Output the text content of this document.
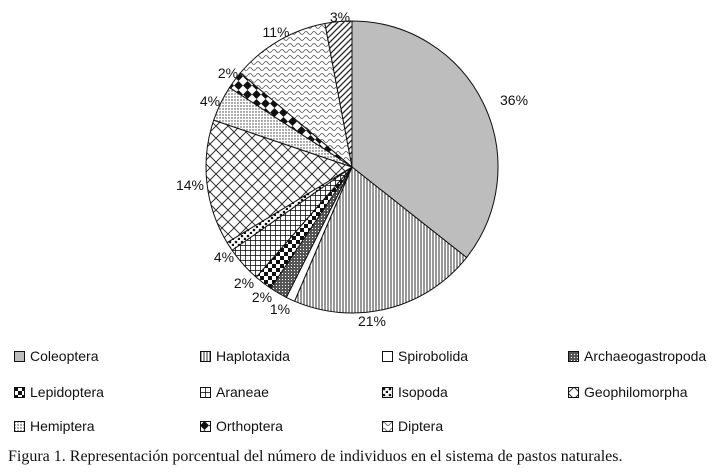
36%
21%
1%
2%
2%
4%
14%
4%
2%
11%
3%
Coleoptera	Haplotaxida	Spirobolida	Archaeogastropoda
Lepidoptera	Araneae	Isopoda	Geophilomorpha
Hemiptera	Orthoptera	Diptera
Figura 1. Representación porcentual del número de individuos en el sistema de pastos naturales.
